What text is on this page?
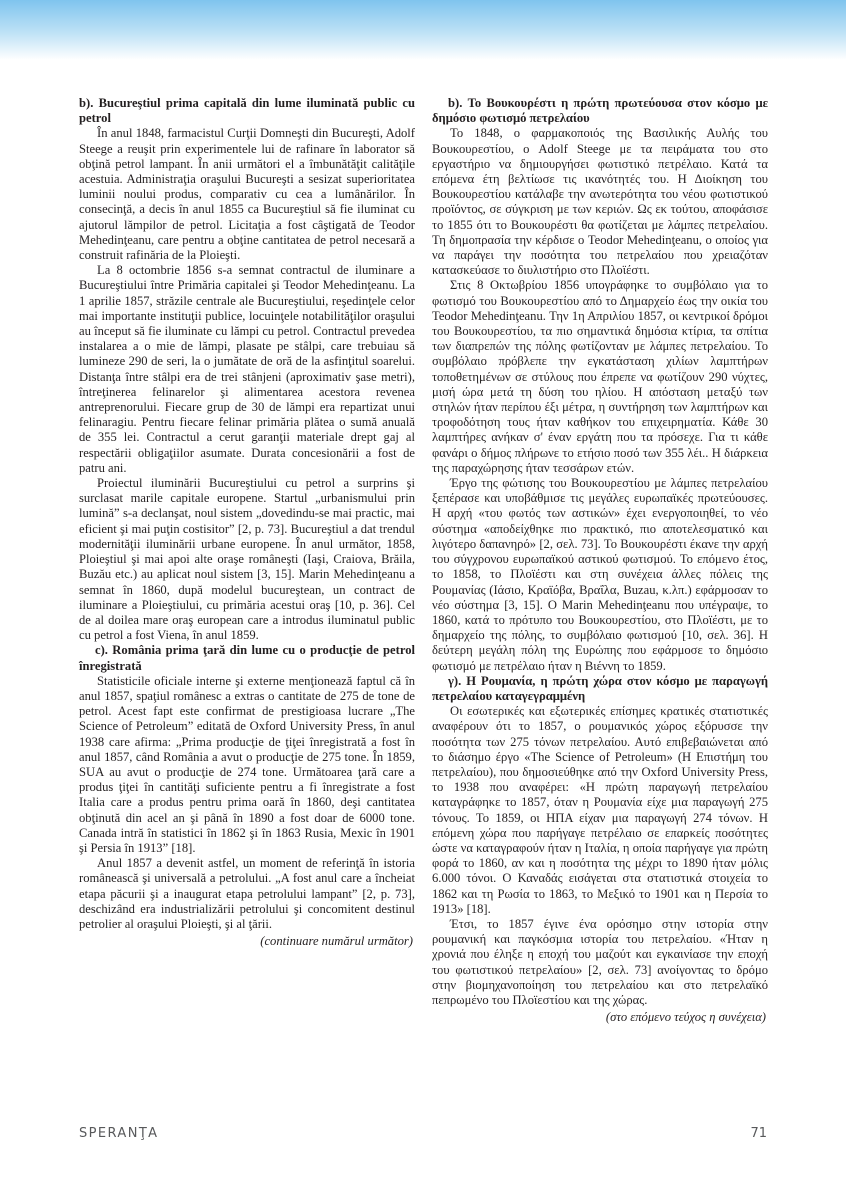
b). Bucureştiul prima capitală din lume iluminată public cu petrol

În anul 1848, farmacistul Curţii Domneşti din Bucureşti, Adolf Steege a reuşit prin experimentele lui de rafinare în laborator să obţină petrol lampant. În anii următori el a îmbunătăţit calităţile acestuia. Administraţia oraşului Bucureşti a sesizat superioritatea luminii noului produs, comparativ cu cea a lumânărilor. În consecinţă, a decis în anul 1855 ca Bucureştiul să fie iluminat cu ajutorul lămpilor de petrol. Licitaţia a fost câştigată de Teodor Mehedinţeanu, care pentru a obţine cantitatea de petrol necesară a construit rafinăria de la Ploieşti.

La 8 octombrie 1856 s-a semnat contractul de iluminare a Bucureştiului între Primăria capitalei şi Teodor Mehedinţeanu. La 1 aprilie 1857, străzile centrale ale Bucureştiului, reşedinţele celor mai importante instituţii publice, locuinţele notabilităţilor oraşului au început să fie iluminate cu lămpi cu petrol. Contractul prevedea instalarea a o mie de lămpi, plasate pe stâlpi, care trebuiau să lumineze 290 de seri, la o jumătate de oră de la asfinţitul soarelui. Distanţa între stâlpi era de trei stânjeni (aproximativ şase metri), întreţinerea felinarelor şi alimentarea acestora revenea antreprenorului. Fiecare grup de 30 de lămpi era repartizat unui felinaragiu. Pentru fiecare felinar primăria plătea o sumă anuală de 355 lei. Contractul a cerut garanţii materiale drept gaj al respectării obligaţiilor asumate. Durata concesionării a fost de patru ani.

Proiectul iluminării Bucureştiului cu petrol a surprins şi surclasat marile capitale europene. Startul „urbanismului prin lumină” s-a declanşat, noul sistem „dovedindu-se mai practic, mai eficient şi mai puţin costisitor” [2, p. 73]. Bucureştiul a dat trendul modernităţii iluminării urbane europene. În anul următor, 1858, Ploieştiul şi mai apoi alte oraşe româneşti (Iaşi, Craiova, Brăila, Buzău etc.) au aplicat noul sistem [3, 15]. Marin Mehedinţeanu a semnat în 1860, după modelul bucureştean, un contract de iluminare a Ploieştiului, cu primăria acestui oraş [10, p. 36]. Cel de al doilea mare oraş european care a introdus iluminatul public cu petrol a fost Viena, în anul 1859.

c). România prima ţară din lume cu o producţie de petrol înregistrată

Statisticile oficiale interne şi externe menţionează faptul că în anul 1857, spaţiul românesc a extras o cantitate de 275 de tone de petrol. Acest fapt este confirmat de prestigioasa lucrare „The Science of Petroleum” editată de Oxford University Press, în anul 1938 care afirma: „Prima producţie de ţiţei înregistrată a fost în anul 1857, când România a avut o producţie de 275 tone. În 1859, SUA au avut o producţie de 274 tone. Următoarea ţară care a produs ţiţei în cantităţi suficiente pentru a fi înregistrate a fost Italia care a produs pentru prima oară în 1860, deşi cantitatea obţinută din acel an şi până în 1890 a fost doar de 6000 tone. Canada intră în statistici în 1862 şi în 1863 Rusia, Mexic în 1901 şi Persia în 1913” [18].

Anul 1857 a devenit astfel, un moment de referinţă în istoria românească şi universală a petrolului. „A fost anul care a încheiat etapa păcurii şi a inaugurat etapa petrolului lampant” [2, p. 73], deschizând era industrializării petrolului şi concomitent destinul petrolier al oraşului Ploieşti, şi al ţării.

(continuare numărul următor)
b). Το Βουκουρέστι η πρώτη πρωτεύουσα στον κόσμο με δημόσιο φωτισμό πετρελαίου

Το 1848, ο φαρμακοποιός της Βασιλικής Αυλής του Βουκουρεστίου, ο Adolf Steege με τα πειράματα του στο εργαστήριο να δημιουργήσει φωτιστικό πετρέλαιο. Κατά τα επόμενα έτη βελτίωσε τις ικανότητές του. Η Διοίκηση του Βουκουρεστίου κατάλαβε την ανωτερότητα του νέου φωτιστικού προϊόντος, σε σύγκριση με των κεριών. Ως εκ τούτου, αποφάσισε το 1855 ότι το Βουκουρέστι θα φωτίζεται με λάμπες πετρελαίου. Τη δημοπρασία την κέρδισε ο Teodor Mehedinţeanu, ο οποίος για να παράγει την ποσότητα του πετρελαίου που χρειαζόταν κατασκεύασε το διυλιστήριο στο Πλοϊέστι.

Στις 8 Οκτωβρίου 1856 υπογράφηκε το συμβόλαιο για το φωτισμό του Βουκουρεστίου από το Δημαρχείο έως την οικία του Teodor Mehedinţeanu. Την 1η Απριλίου 1857, οι κεντρικοί δρόμοι του Βουκουρεστίου, τα πιο σημαντικά δημόσια κτίρια, τα σπίτια των διαπρεπών της πόλης φωτίζονταν με λάμπες πετρελαίου. Το συμβόλαιο πρόβλεπε την εγκατάσταση χιλίων λαμπτήρων τοποθετημένων σε στύλους που έπρεπε να φωτίζουν 290 νύχτες, μισή ώρα μετά τη δύση του ηλίου. Η απόσταση μεταξύ των στηλών ήταν περίπου έξι μέτρα, η συντήρηση των λαμπτήρων και τροφοδότηση τους ήταν καθήκον του επιχειρηματία. Κάθε 30 λαμπτήρες ανήκαν σ' έναν εργάτη που τα πρόσεχε. Για τι κάθε φανάρι ο δήμος πλήρωνε το ετήσιο ποσό των 355 λέι.. Η διάρκεια της παραχώρησης ήταν τεσσάρων ετών.

Έργο της φώτισης του Βουκουρεστίου με λάμπες πετρελαίου ξεπέρασε και υποβάθμισε τις μεγάλες ευρωπαϊκές πρωτεύουσες. Η αρχή «του φωτός των αστικών» έχει ενεργοποιηθεί, το νέο σύστημα «αποδείχθηκε πιο πρακτικό, πιο αποτελεσματικό και λιγότερο δαπανηρό» [2, σελ. 73]. Το Βουκουρέστι έκανε την αρχή του σύγχρονου ευρωπαϊκού αστικού φωτισμού. Το επόμενο έτος, το 1858, το Πλοϊέστι και στη συνέχεια άλλες πόλεις της Ρουμανίας (Ιάσιο, Κραϊόβα, Βραΐλα, Buzau, κ.λπ.) εφάρμοσαν το νέο σύστημα [3, 15]. Ο Marin Mehedinţeanu που υπέγραψε, το 1860, κατά το πρότυπο του Βουκουρεστίου, στο Πλοϊέστι, με το δημαρχείο της πόλης, το συμβόλαιο φωτισμού [10, σελ. 36]. Η δεύτερη μεγάλη πόλη της Ευρώπης που εφάρμοσε το δημόσιο φωτισμό με πετρέλαιο ήταν η Βιέννη το 1859.

γ). Η Ρουμανία, η πρώτη χώρα στον κόσμο με παραγωγή πετρελαίου καταγεγραμμένη

Οι εσωτερικές και εξωτερικές επίσημες κρατικές στατιστικές αναφέρουν ότι το 1857, ο ρουμανικός χώρος εξόρυσσε την ποσότητα των 275 τόνων πετρελαίου. Αυτό επιβεβαιώνεται από το διάσημο έργο «The Science of Petroleum» (Η Επιστήμη του πετρελαίου), που δημοσιεύθηκε από την Oxford University Press, το 1938 που αναφέρει: «Η πρώτη παραγωγή πετρελαίου καταγράφηκε το 1857, όταν η Ρουμανία είχε μια παραγωγή 275 τόνους. Το 1859, οι ΗΠΑ είχαν μια παραγωγή 274 τόνων. Η επόμενη χώρα που παρήγαγε πετρέλαιο σε επαρκείς ποσότητες ώστε να καταγραφούν ήταν η Ιταλία, η οποία παρήγαγε για πρώτη φορά το 1860, αν και η ποσότητα της μέχρι το 1890 ήταν μόλις 6.000 τόνοι. Ο Καναδάς εισάγεται στα στατιστικά στοιχεία το 1862 και τη Ρωσία το 1863, το Μεξικό το 1901 και η Περσία το 1913» [18].

Έτσι, το 1857 έγινε ένα ορόσημο στην ιστορία στην ρουμανική και παγκόσμια ιστορία του πετρελαίου. «Ήταν η χρονιά που έληξε η εποχή του μαζούτ και εγκαινίασε την εποχή του φωτιστικού πετρελαίου» [2, σελ. 73] ανοίγοντας το δρόμο στην βιομηχανοποίηση του πετρελαίου και στο πετρελαϊκό πεπρωμένο του Πλοϊεστίου και της χώρας.

(στο επόμενο τεύχος η συνέχεια)
SPERANŢA	71
